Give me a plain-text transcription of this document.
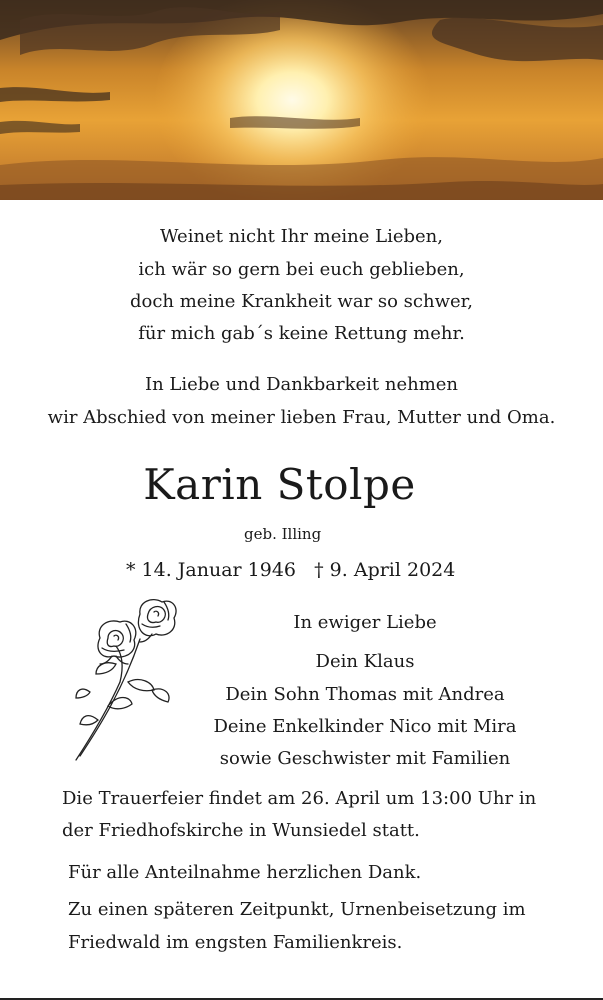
Weinet nicht Ihr meine Lieben,
ich wär so gern bei euch geblieben,
doch meine Krankheit war so schwer,
für mich gab´s keine Rettung mehr.
In Liebe und Dankbarkeit nehmen
wir Abschied von meiner lieben Frau, Mutter und Oma.
Karin Stolpe
geb. Illing
* 14. Januar 1946   † 9. April 2024
In ewiger Liebe
Dein Klaus
Dein Sohn Thomas mit Andrea
Deine Enkelkinder Nico mit Mira
sowie Geschwister mit Familien
Die Trauerfeier findet am 26. April um 13:00 Uhr in
der Friedhofskirche in Wunsiedel statt.
Für alle Anteilnahme herzlichen Dank.
Zu einen späteren Zeitpunkt, Urnenbeisetzung im
Friedwald im engsten Familienkreis.
